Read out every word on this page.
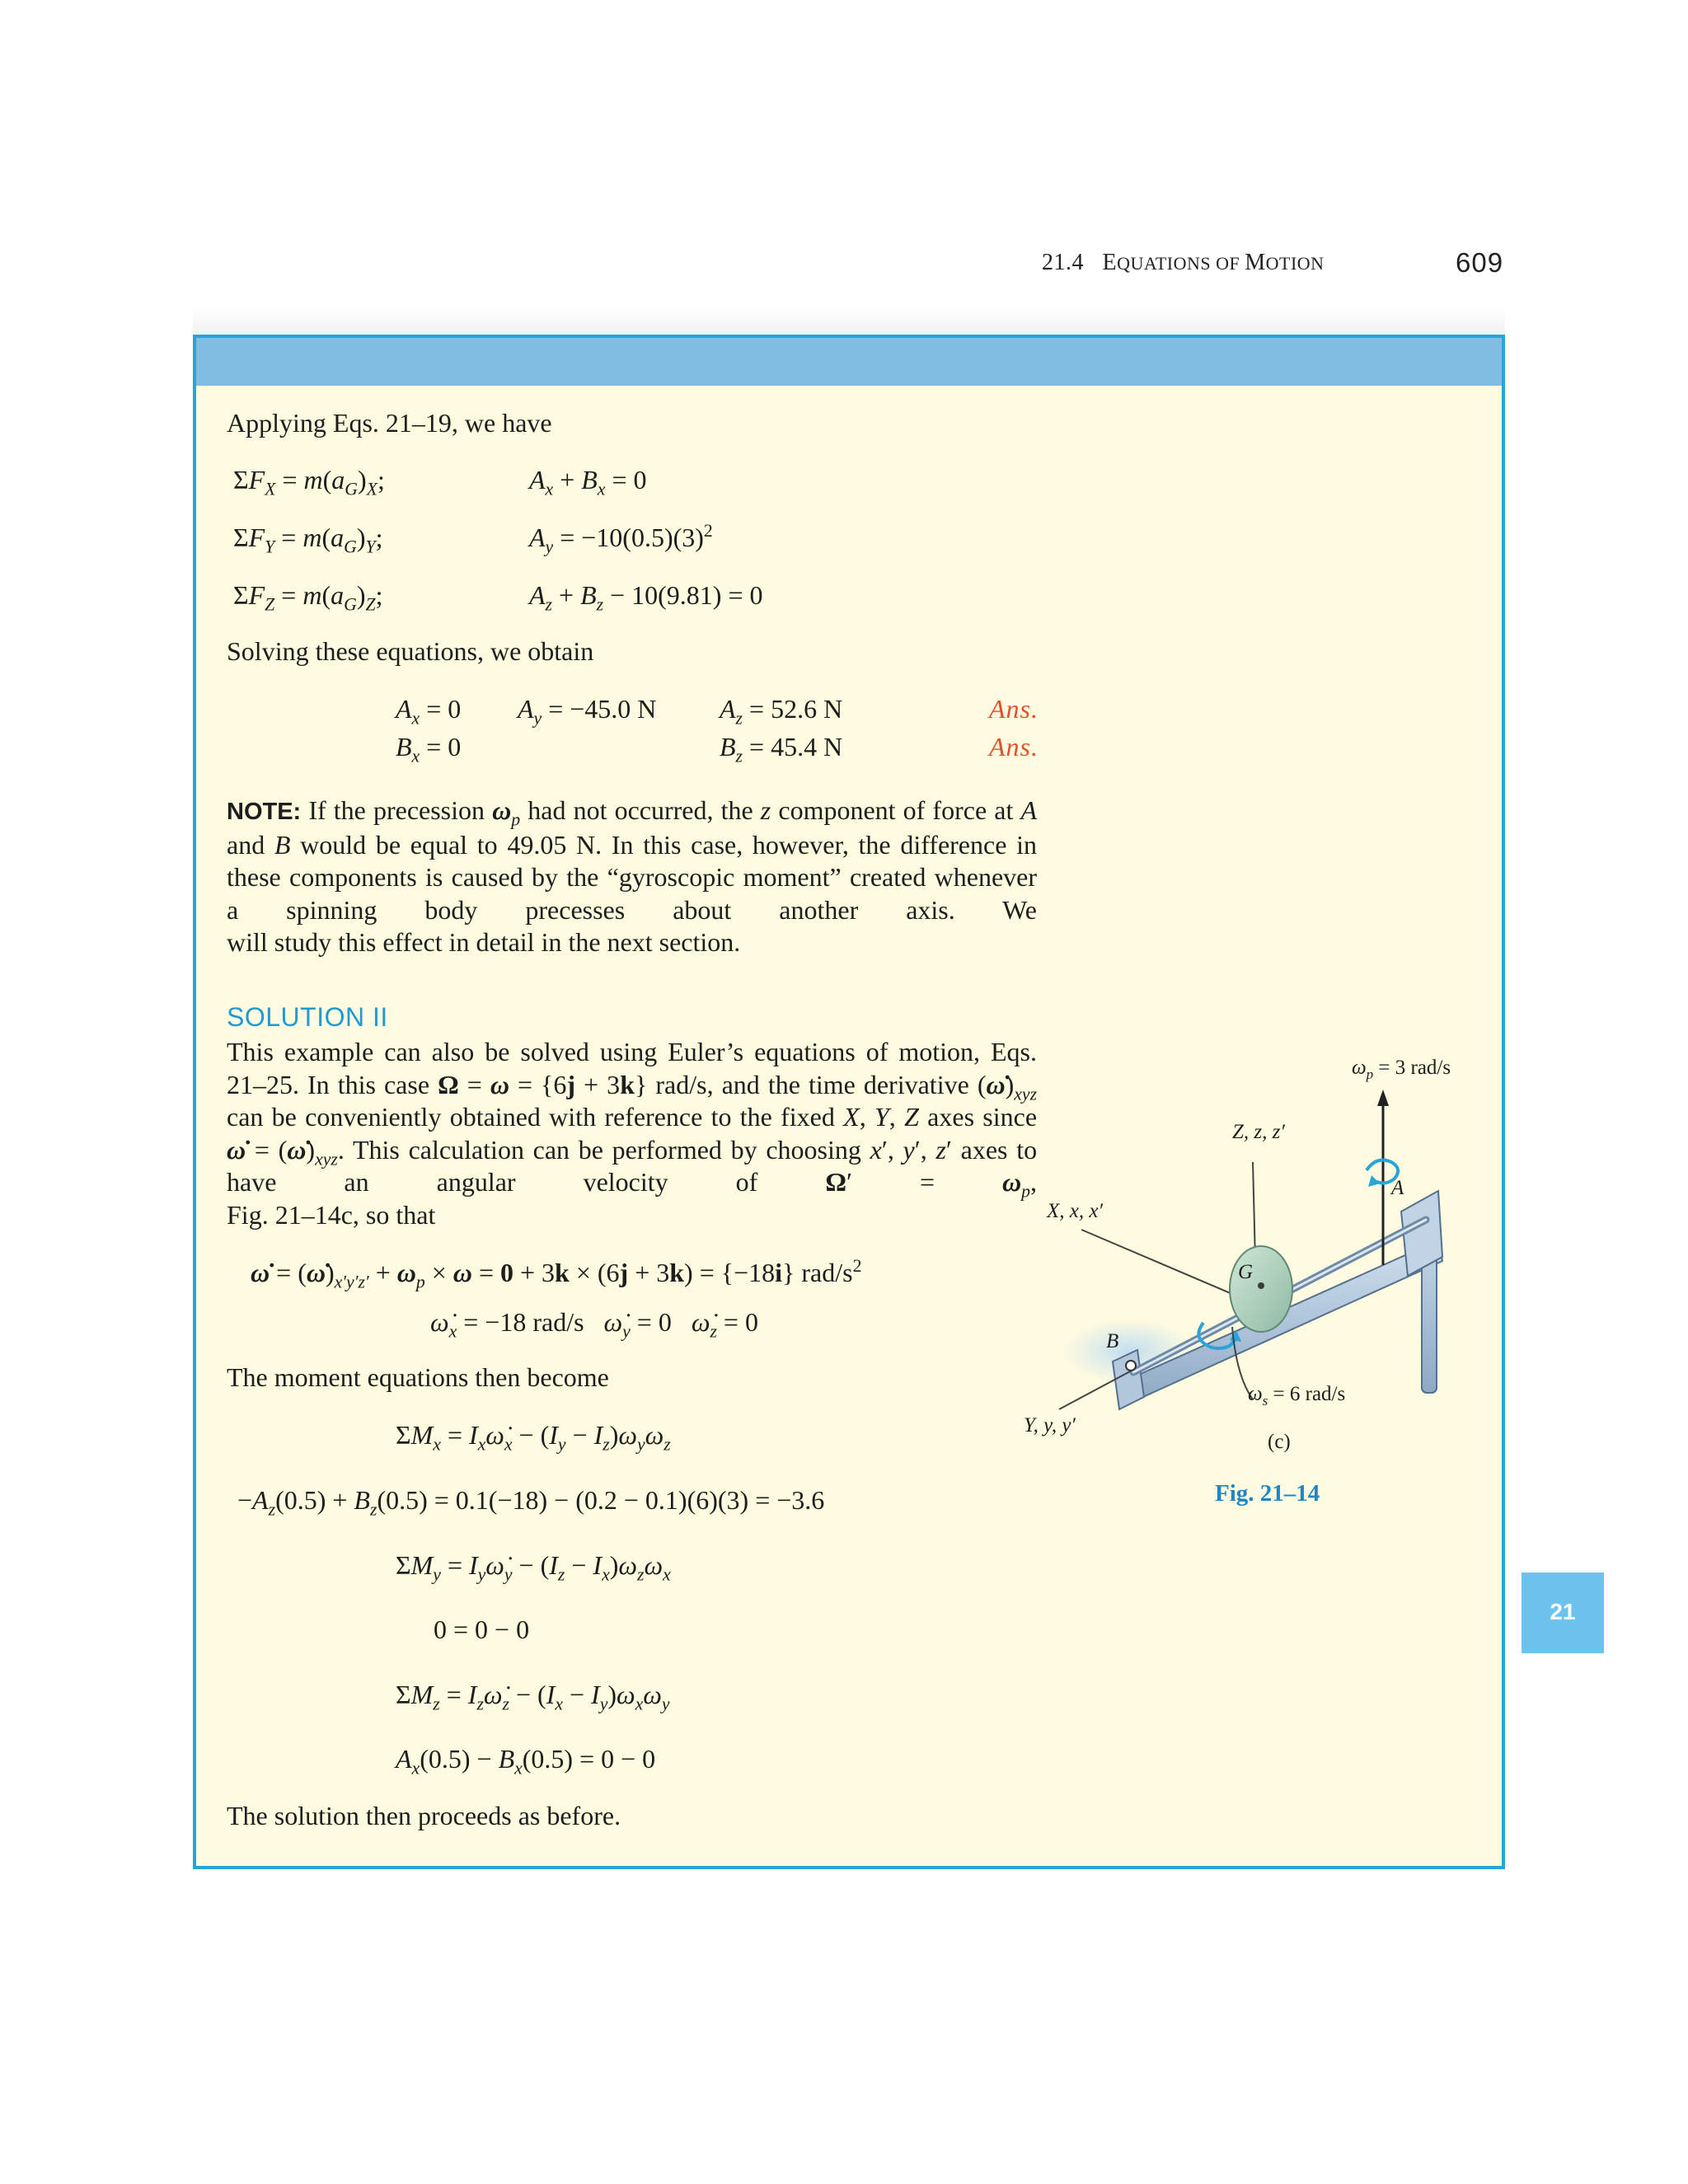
21.4 EQUATIONS OF MOTION	609
Applying Eqs. 21–19, we have
$\Sigma F_X = m(a_G)_X$;	$A_x + B_x = 0$
$\Sigma F_Y = m(a_G)_Y$;	$A_y = -10(0.5)(3)^2$
$\Sigma F_Z = m(a_G)_Z$;	$A_z + B_z - 10(9.81) = 0$
Solving these equations, we obtain
$A_x = 0$ $A_y = -45.0$ N $A_z = 52.6$ N	Ans.
$B_x = 0$	$B_z = 45.4$ N	Ans.
NOTE: If the precession $\omega_p$ had not occurred, the z component of force at A and B would be equal to 49.05 N. In this case, however, the difference in these components is caused by the “gyroscopic moment” created whenever a spinning body precesses about another axis. We
will study this effect in detail in the next section.
SOLUTION II
This example can also be solved using Euler’s equations of motion, Eqs. 21–25. In this case Ω = ω = {6j + 3k} rad/s, and the time derivative $(\omegȧ)_{xyz}$ can be conveniently obtained with reference to the fixed X, Y, Z axes since ω̇ = $(\omegȧ)_{xyz}$. This calculation can be performed by choosing x′, y′, z′ axes to have an angular velocity of	$\Omega' = \omega_p$,
Fig. 21–14c, so that
ω̇ = $(\omegȧ)_{x'y'z'} + \omega_p \times \omega = 0 + 3k \times (6j + 3k) = \{-18i\}$ rad/$s^2$
$\omegȧ_x = -18$ rad/s   $\omegȧ_y = 0$   $\omegȧ_z = 0$
The moment equations then become
$\Sigma M_x$ = $I_x\omegȧ_x - (I_y - I_z)\omega_y\omega_z$
$-A_z(0.5) + B_z(0.5) = 0.1(-18) - (0.2 - 0.1)(6)(3) = -3.6$
$\Sigma M_y$ = $I_y\omegȧ_y - (I_z - I_x)\omega_z\omega_x$
0 = 0 − 0
$\Sigma M_z$ = $I_z\omegȧ_z - (I_x - I_y)\omega_x\omega_y$
$A_x(0.5) - B_x(0.5) = 0 - 0$
The solution then proceeds as before.
21
$\omega_p = 3$ rad/s
Z, z, z′
A
X, x, x′
G
B
$\omega_s = 6$ rad/s
Y, y, y′
(c)
Fig. 21–14
